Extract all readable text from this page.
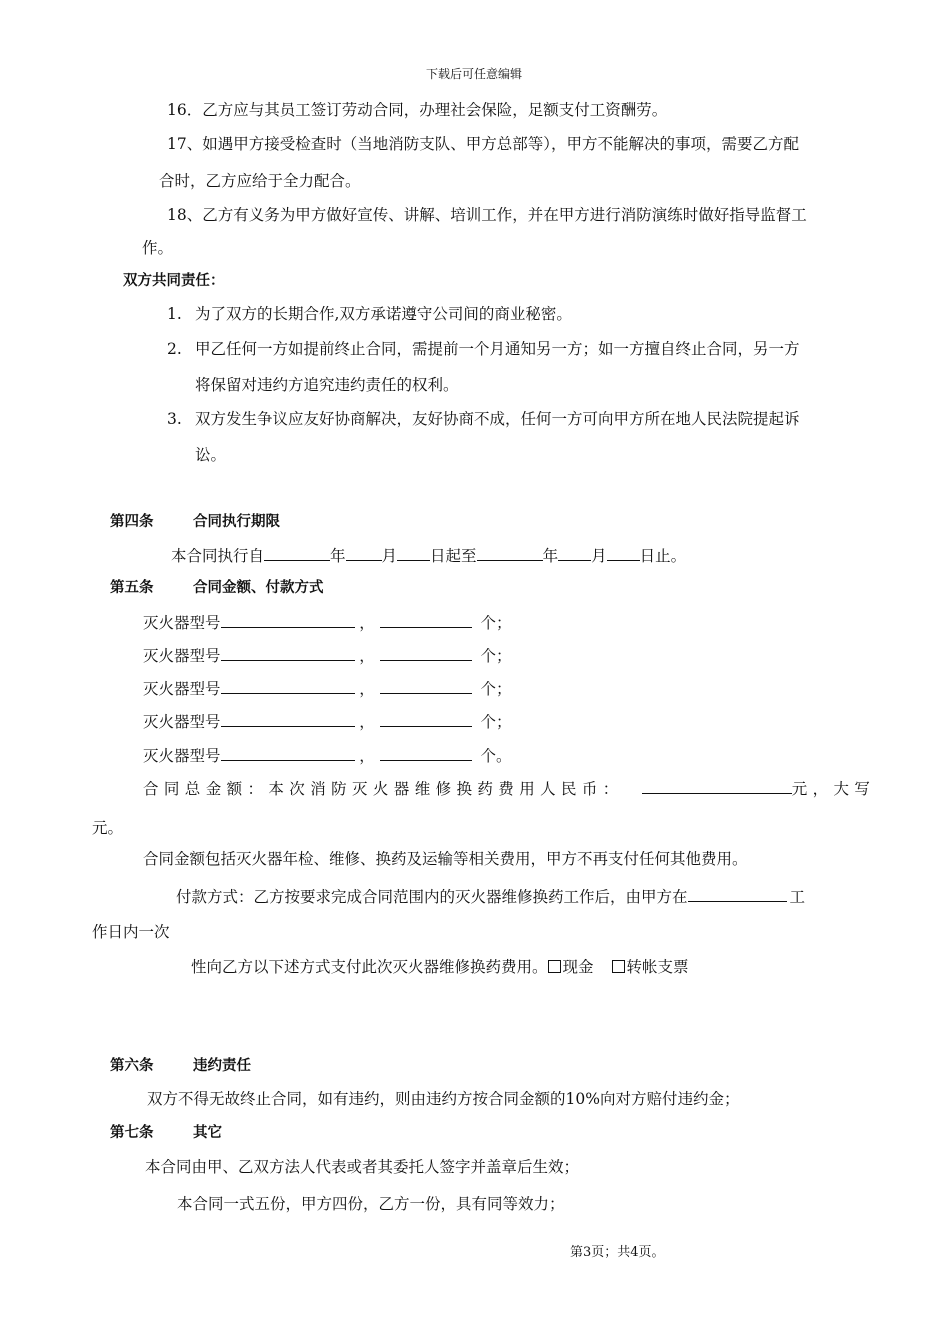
下载后可任意编辑
16．乙方应与其员工签订劳动合同，办理社会保险，足额支付工资酬劳。
17、如遇甲方接受检查时（当地消防支队、甲方总部等），甲方不能解决的事项，需要乙方配
合时，乙方应给于全力配合。
18、乙方有义务为甲方做好宣传、讲解、培训工作，并在甲方进行消防演练时做好指导监督工
作。
双方共同责任：
1. 为了双方的长期合作,双方承诺遵守公司间的商业秘密。
2. 甲乙任何一方如提前终止合同，需提前一个月通知另一方；如一方擅自终止合同，另一方
将保留对违约方追究违约责任的权利。
3. 双方发生争议应友好协商解决，友好协商不成，任何一方可向甲方所在地人民法院提起诉
讼。
第四条	合同执行期限
本合同执行自	年 月 日起至	年 月 日止。
第五条	合同金额、付款方式
灭火器型号	，	个；
灭火器型号	，	个；
灭火器型号	，	个；
灭火器型号	，	个；
灭火器型号	，	个。
合同总金额：本次消防灭火器维修换药费用人民币：	元，大写
元。
合同金额包括灭火器年检、维修、换药及运输等相关费用，甲方不再支付任何其他费用。
付款方式：乙方按要求完成合同范围内的灭火器维修换药工作后，由甲方在	工
作日内一次
性向乙方以下述方式支付此次灭火器维修换药费用。 现金 转帐支票
第六条	违约责任
双方不得无故终止合同，如有违约，则由违约方按合同金额的10%向对方赔付违约金；
第七条	其它
本合同由甲、乙双方法人代表或者其委托人签字并盖章后生效；
本合同一式五份，甲方四份，乙方一份，具有同等效力；
第3页；共4页。
